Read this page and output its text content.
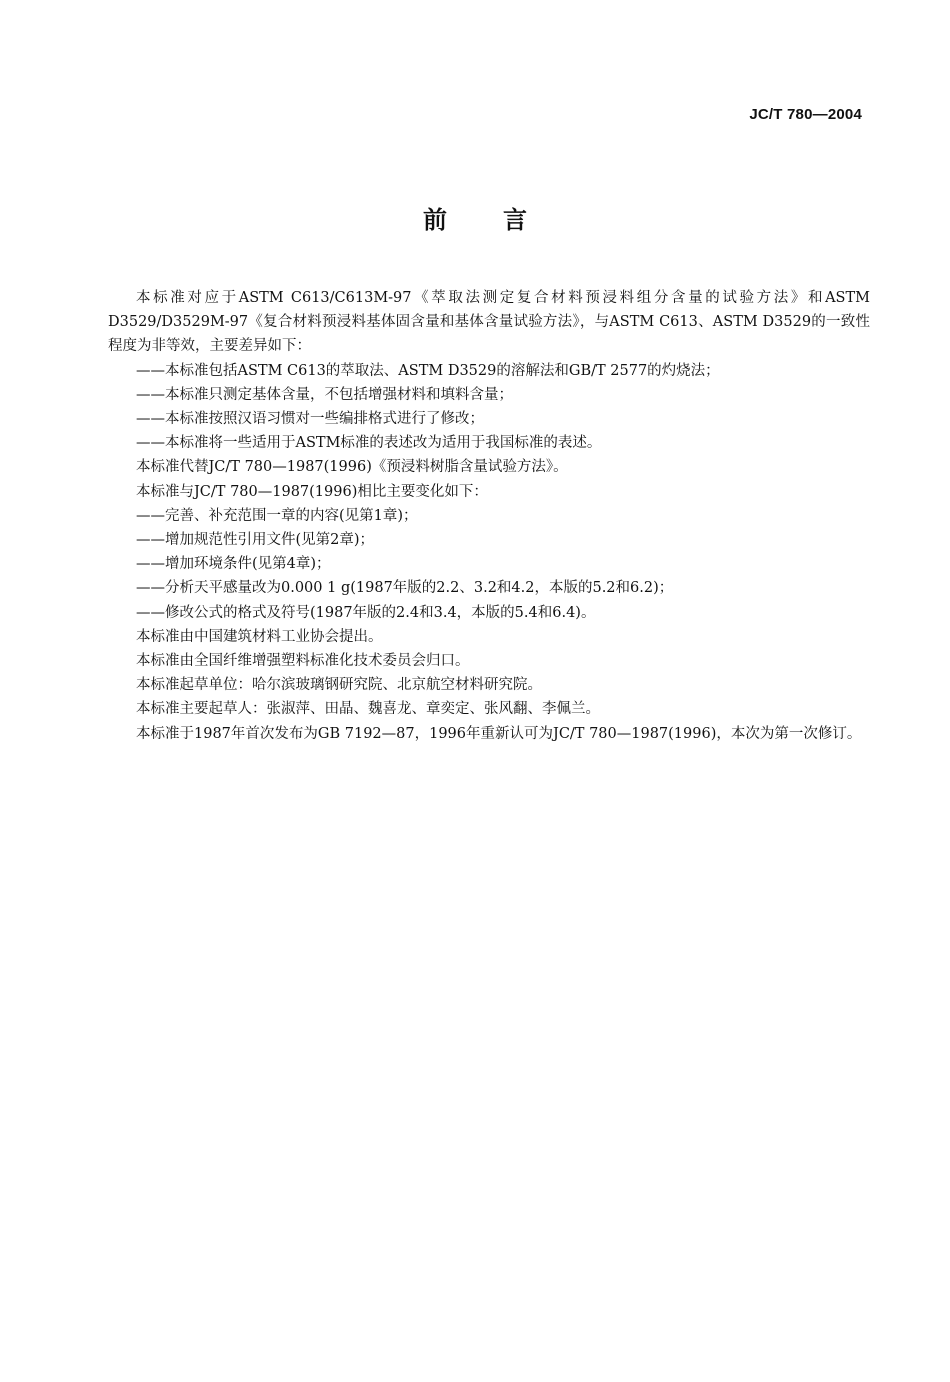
JC/T 780—2004
前言

本标准对应于ASTM C613/C613M-97《萃取法测定复合材料预浸料组分含量的试验方法》和ASTM D3529/D3529M-97《复合材料预浸料基体固含量和基体含量试验方法》，与ASTM C613、ASTM D3529的一致性程度为非等效，主要差异如下：

——本标准包括ASTM C613的萃取法、ASTM D3529的溶解法和GB/T 2577的灼烧法；

——本标准只测定基体含量，不包括增强材料和填料含量；

——本标准按照汉语习惯对一些编排格式进行了修改；

——本标准将一些适用于ASTM标准的表述改为适用于我国标准的表述。

本标准代替JC/T 780—1987(1996)《预浸料树脂含量试验方法》。

本标准与JC/T 780—1987(1996)相比主要变化如下：

——完善、补充范围一章的内容(见第1章)；

——增加规范性引用文件(见第2章)；

——增加环境条件(见第4章)；

——分析天平感量改为0.000 1 g(1987年版的2.2、3.2和4.2，本版的5.2和6.2)；

——修改公式的格式及符号(1987年版的2.4和3.4，本版的5.4和6.4)。

本标准由中国建筑材料工业协会提出。

本标准由全国纤维增强塑料标准化技术委员会归口。

本标准起草单位：哈尔滨玻璃钢研究院、北京航空材料研究院。

本标准主要起草人：张淑萍、田晶、魏喜龙、章奕定、张风翻、李佩兰。

本标准于1987年首次发布为GB 7192—87，1996年重新认可为JC/T 780—1987(1996)，本次为第一次修订。
